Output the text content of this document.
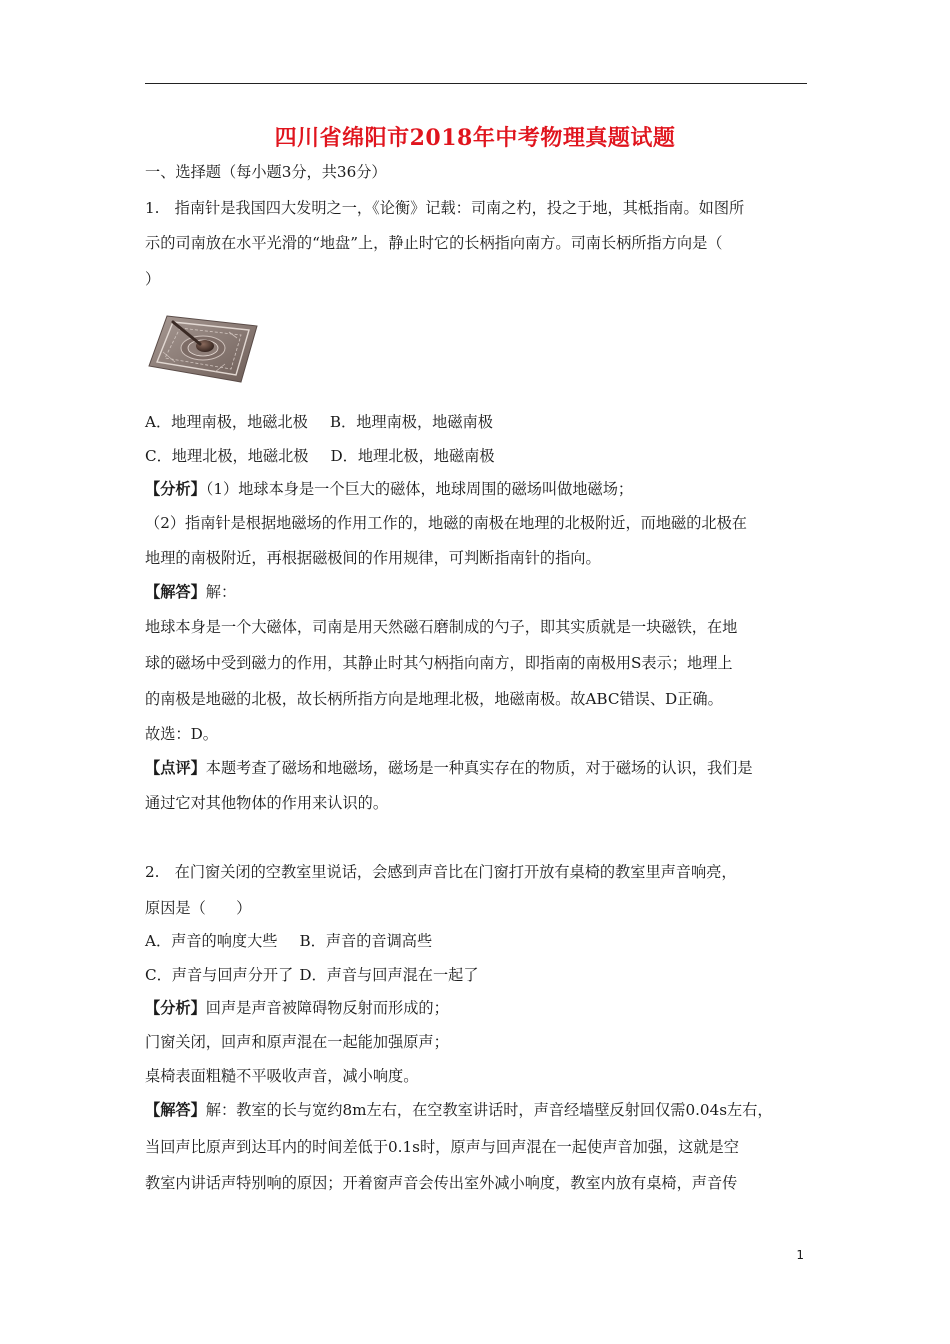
四川省绵阳市2018年中考物理真题试题
一、选择题（每小题3分，共36分）
1.　指南针是我国四大发明之一，《论衡》记载：司南之杓，投之于地，其柢指南。如图所
示的司南放在水平光滑的“地盘”上，静止时它的长柄指向南方。司南长柄所指方向是（
）
A．地理南极，地磁北极 B．地理南极，地磁南极
C．地理北极，地磁北极 D．地理北极，地磁南极
【分析】（1）地球本身是一个巨大的磁体，地球周围的磁场叫做地磁场；
（2）指南针是根据地磁场的作用工作的，地磁的南极在地理的北极附近，而地磁的北极在
地理的南极附近，再根据磁极间的作用规律，可判断指南针的指向。
【解答】解：
地球本身是一个大磁体，司南是用天然磁石磨制成的勺子，即其实质就是一块磁铁，在地
球的磁场中受到磁力的作用，其静止时其勺柄指向南方，即指南的南极用S表示；地理上
的南极是地磁的北极，故长柄所指方向是地理北极，地磁南极。故ABC错误、D正确。
故选：D。
【点评】本题考查了磁场和地磁场，磁场是一种真实存在的物质，对于磁场的认识，我们是
通过它对其他物体的作用来认识的。
2.　在门窗关闭的空教室里说话，会感到声音比在门窗打开放有桌椅的教室里声音响亮，
原因是（　　）
A．声音的响度大些 B．声音的音调高些
C．声音与回声分开了 D．声音与回声混在一起了
【分析】回声是声音被障碍物反射而形成的；
门窗关闭，回声和原声混在一起能加强原声；
桌椅表面粗糙不平吸收声音，减小响度。
【解答】解：教室的长与宽约8m左右，在空教室讲话时，声音经墙壁反射回仅需0.04s左右，
当回声比原声到达耳内的时间差低于0.1s时，原声与回声混在一起使声音加强，这就是空
教室内讲话声特别响的原因；开着窗声音会传出室外减小响度，教室内放有桌椅，声音传
1
